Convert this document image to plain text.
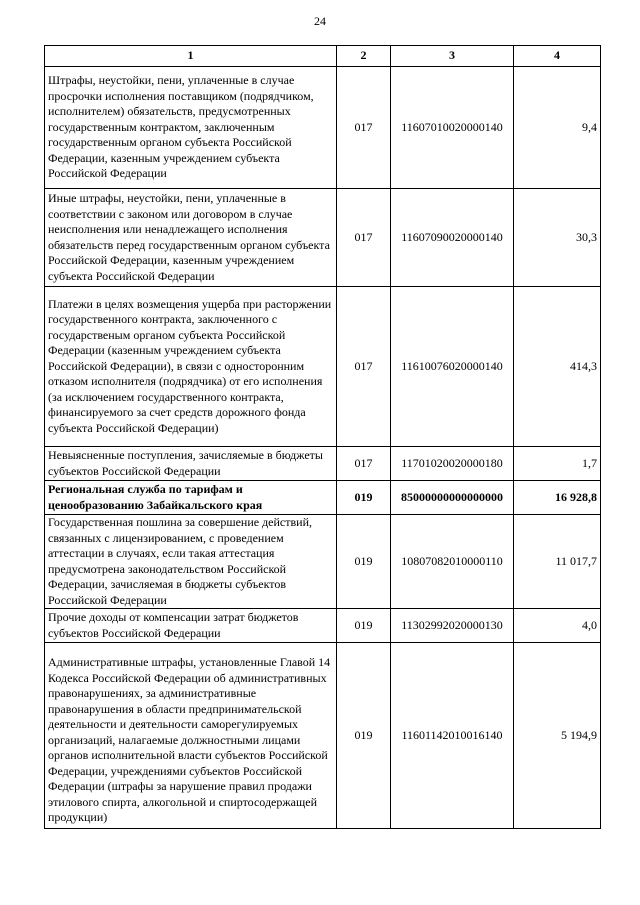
24
1	2	3	4
Штрафы, неустойки, пени, уплаченные в случае просрочки исполнения поставщиком (подрядчиком, исполнителем) обязательств, предусмотренных государственным контрактом, заключенным государственным органом субъекта Российской Федерации, казенным учреждением субъекта Российской Федерации	017	11607010020000140	9,4
Иные штрафы, неустойки, пени, уплаченные в соответствии с законом или договором в случае неисполнения или ненадлежащего исполнения обязательств перед государственным органом субъекта Российской Федерации, казенным учреждением субъекта Российской Федерации	017	11607090020000140	30,3
Платежи в целях возмещения ущерба при расторжении государственного контракта, заключенного с государственым органом субъекта Российской Федерации (казенным учреждением субъекта Российской Федерации), в связи с односторонним отказом исполнителя (подрядчика) от его исполнения (за исключением государственного контракта, финансируемого за счет средств дорожного фонда субъекта Российской Федерации)	017	11610076020000140	414,3
Невыясненные поступления, зачисляемые в бюджеты субъектов Российской Федерации	017	11701020020000180	1,7
Региональная служба по тарифам и ценообразованию Забайкальского края	019	85000000000000000	16 928,8
Государственная пошлина за совершение действий, связанных с лицензированием, с проведением аттестации в случаях, если такая аттестация предусмотрена законодательством Российской Федерации, зачисляемая в бюджеты субъектов Российской Федерации	019	10807082010000110	11 017,7
Прочие доходы от компенсации затрат бюджетов субъектов Российской Федерации	019	11302992020000130	4,0
Административные штрафы, установленные Главой 14 Кодекса Российской Федерации об административных правонарушениях, за административные правонарушения в области предпринимательской деятельности и деятельности саморегулируемых организаций, налагаемые должностными лицами органов исполнительной власти субъектов Российской Федерации, учреждениями субъектов Российской Федерации (штрафы за нарушение правил продажи этилового спирта, алкогольной и спиртосодержащей продукции)	019	11601142010016140	5 194,9
